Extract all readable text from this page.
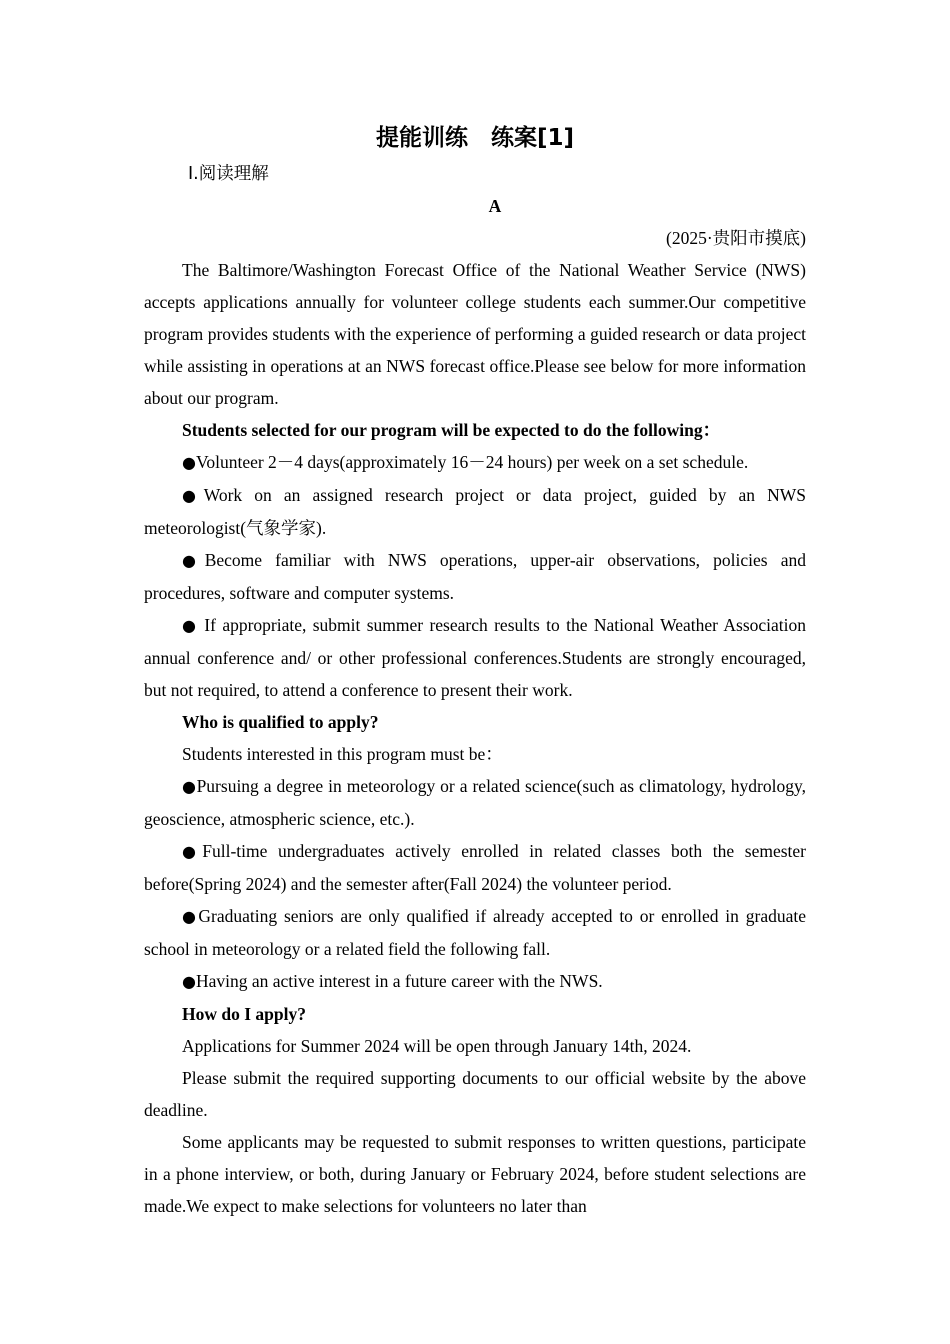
提能训练　练案[1]
Ⅰ.阅读理解
A
(2025·贵阳市摸底)

The Baltimore/Washington Forecast Office of the National Weather Service (NWS) accepts applications annually for volunteer college students each summer.Our competitive program provides students with the experience of performing a guided research or data project while assisting in operations at an NWS forecast office.Please see below for more information about our program.

Students selected for our program will be expected to do the following：

● Volunteer 2－4 days(approximately 16－24 hours) per week on a set schedule.

● Work on an assigned research project or data project, guided by an NWS meteorologist(气象学家).

● Become familiar with NWS operations, upper-air observations, policies and procedures, software and computer systems.

● If appropriate, submit summer research results to the National Weather Association annual conference and/ or other professional conferences.Students are strongly encouraged, but not required, to attend a conference to present their work.

Who is qualified to apply?

Students interested in this program must be：

● Pursuing a degree in meteorology or a related science(such as climatology, hydrology, geoscience, atmospheric science, etc.).

● Full-time undergraduates actively enrolled in related classes both the semester before(Spring 2024) and the semester after(Fall 2024) the volunteer period.

● Graduating seniors are only qualified if already accepted to or enrolled in graduate school in meteorology or a related field the following fall.

● Having an active interest in a future career with the NWS.

How do I apply?

Applications for Summer 2024 will be open through January 14th, 2024.

Please submit the required supporting documents to our official website by the above deadline.

Some applicants may be requested to submit responses to written questions, participate in a phone interview, or both, during January or February 2024, before student selections are made.We expect to make selections for volunteers no later than
